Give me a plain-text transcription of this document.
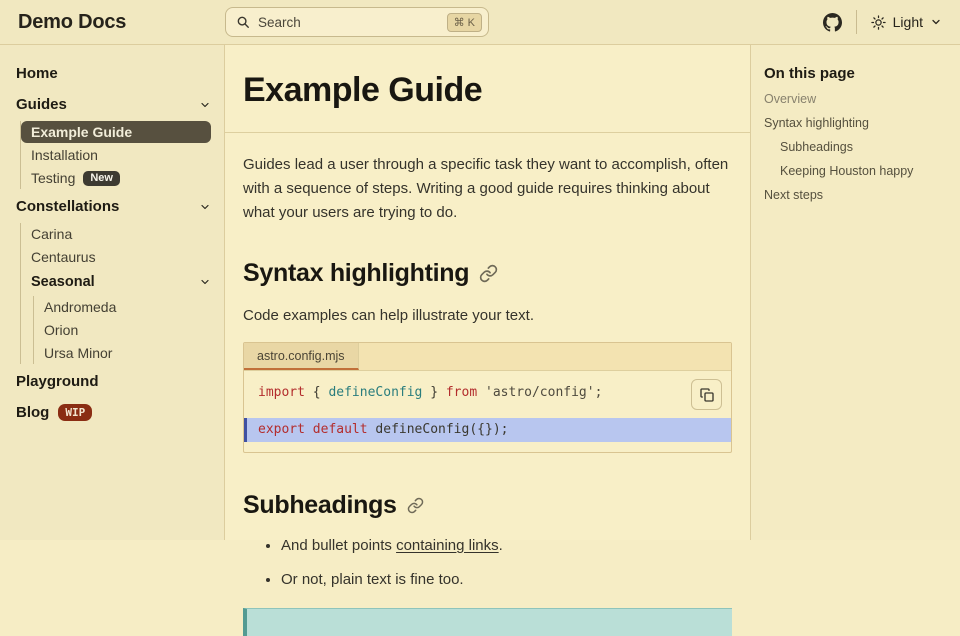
Demo Docs	Search	⌘ K	Light
Home
Guides
Example Guide
Installation
Testing	New
Constellations
Carina
Centaurus
Seasonal
Andromeda
Orion
Ursa Minor
Playground
Blog	WIP
Example Guide

Guides lead a user through a specific task they want to accomplish, often with a sequence of steps. Writing a good guide requires thinking about what your users are trying to do.

Syntax highlighting

Code examples can help illustrate your text.

astro.config.mjs
import { defineConfig } from 'astro/config';
export default defineConfig({});
Subheadings
• And bullet points containing links.
• Or not, plain text is fine too.
On this page
Overview
Syntax highlighting
Subheadings
Keeping Houston happy
Next steps
